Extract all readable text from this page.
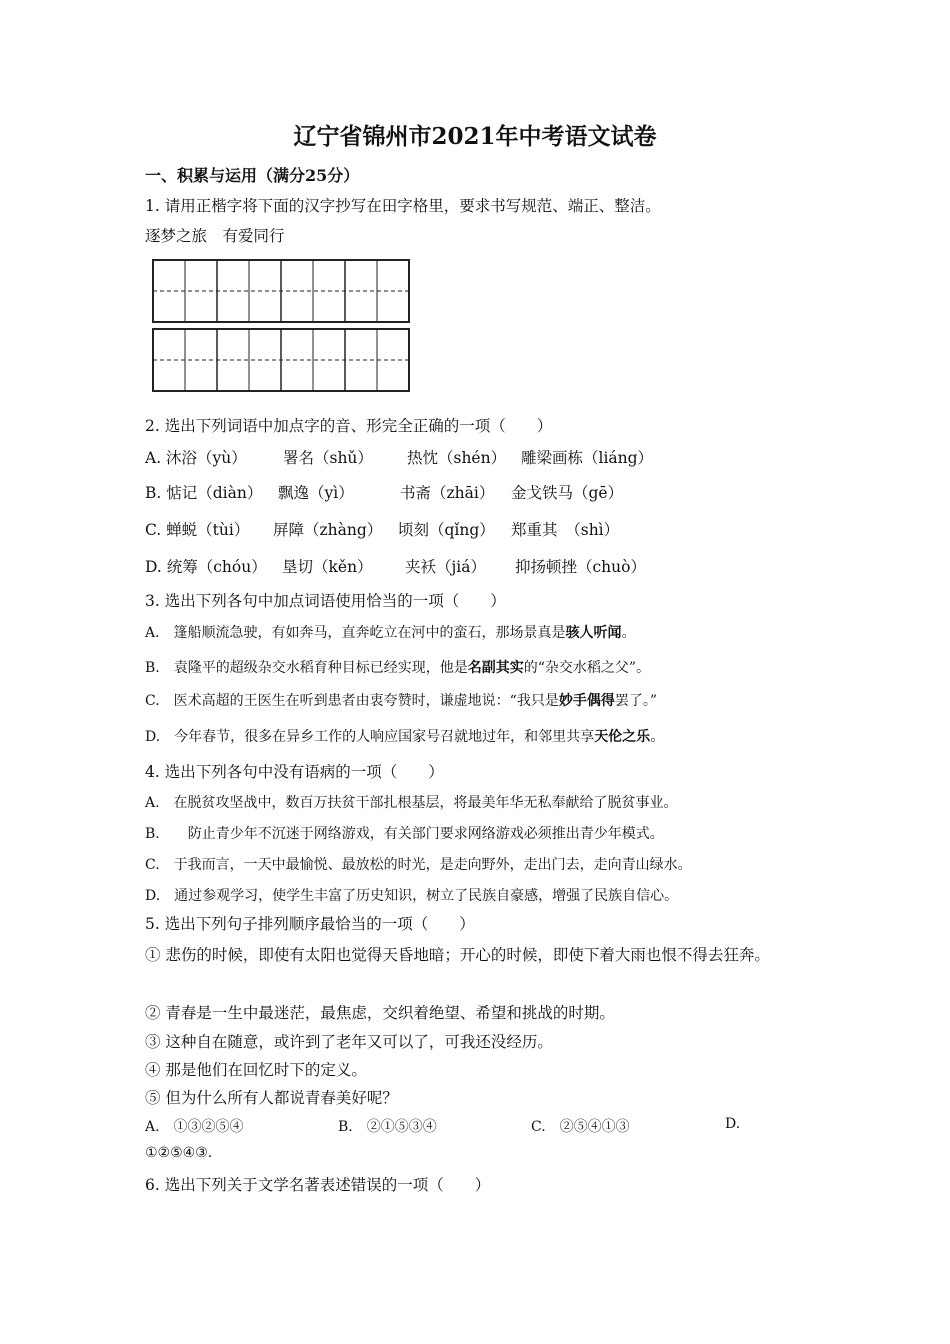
辽宁省锦州市2021年中考语文试卷
一、积累与运用（满分25分）
1. 请用正楷字将下面的汉字抄写在田字格里，要求书写规范、端正、整洁。
逐梦之旅　有爱同行
2. 选出下列词语中加点字的音、形完全正确的一项（　　）
A. 沐浴（yù） 署名（shǔ） 热忱（shén） 雕梁画栋（liáng）
B. 惦记（diàn） 飘逸（yì）	书斋（zhāi） 金戈铁马（gē）
C. 蝉蜕（tùi） 屏障（zhàng） 顷刻（qǐng） 郑重其　（shì）
D. 统筹（chóu） 垦切（kěn） 夹袄（jiá） 抑扬顿挫（chuò）
3. 选出下列各句中加点词语使用恰当的一项（　　）
A.　篷船顺流急驶，有如奔马，直奔屹立在河中的蛮石，那场景真是骇人听闻。
B.　袁隆平的超级杂交水稻育种目标已经实现，他是名副其实的“杂交水稻之父”。
C.　医术高超的王医生在听到患者由衷夸赞时，谦虚地说：“我只是妙手偶得罢了。”
D.　今年春节，很多在异乡工作的人响应国家号召就地过年，和邻里共享天伦之乐。
4. 选出下列各句中没有语病的一项（　　）
A.　在脱贫攻坚战中，数百万扶贫干部扎根基层，将最美年华无私奉献给了脱贫事业。
B.　　防止青少年不沉迷于网络游戏，有关部门要求网络游戏必须推出青少年模式。
C.　于我而言，一天中最愉悦、最放松的时光，是走向野外，走出门去，走向青山绿水。
D.　通过参观学习，使学生丰富了历史知识，树立了民族自豪感，增强了民族自信心。
5. 选出下列句子排列顺序最恰当的一项（　　）
① 悲伤的时候，即使有太阳也觉得天昏地暗；开心的时候，即使下着大雨也恨不得去狂奔。
② 青春是一生中最迷茫，最焦虑，交织着绝望、希望和挑战的时期。
③ 这种自在随意，或许到了老年又可以了，可我还没经历。
④ 那是他们在回忆时下的定义。
⑤ 但为什么所有人都说青春美好呢？
A.　①③②⑤④	B.　②①⑤③④	C.　②⑤④①③	D.
①②⑤④③.
6. 选出下列关于文学名著表述错误的一项（　　）
